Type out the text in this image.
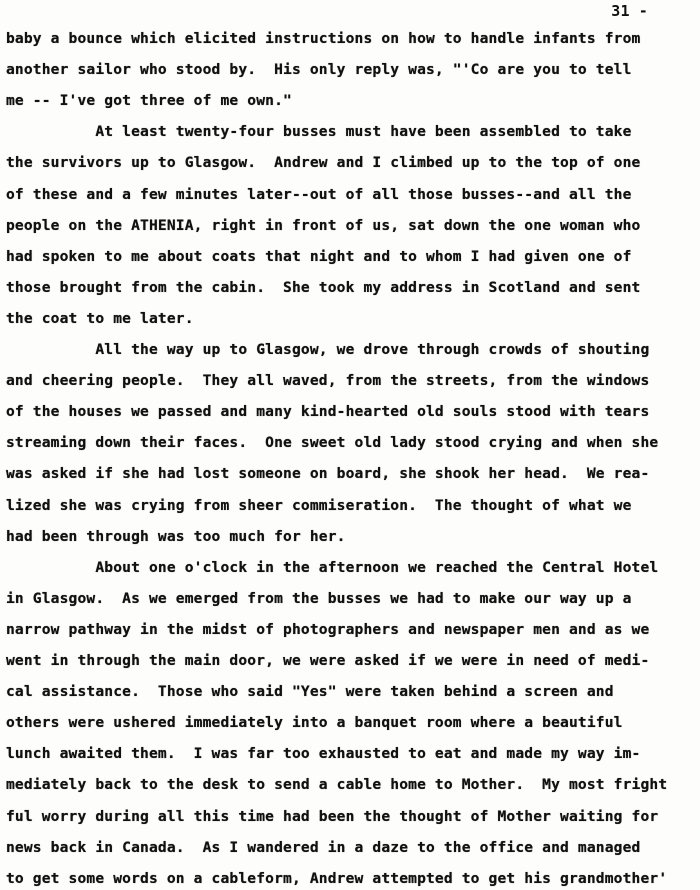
31 -
baby a bounce which elicited instructions on how to handle infants from
another sailor who stood by.  His only reply was, "'Co are you to tell
me -- I've got three of me own."
At least twenty-four busses must have been assembled to take
the survivors up to Glasgow.  Andrew and I climbed up to the top of one
of these and a few minutes later--out of all those busses--and all the
people on the ATHENIA, right in front of us, sat down the one woman who
had spoken to me about coats that night and to whom I had given one of
those brought from the cabin.  She took my address in Scotland and sent
the coat to me later.
All the way up to Glasgow, we drove through crowds of shouting
and cheering people.  They all waved, from the streets, from the windows
of the houses we passed and many kind-hearted old souls stood with tears
streaming down their faces.  One sweet old lady stood crying and when she
was asked if she had lost someone on board, she shook her head.  We rea-
lized she was crying from sheer commiseration.  The thought of what we
had been through was too much for her.
About one o'clock in the afternoon we reached the Central Hotel
in Glasgow.  As we emerged from the busses we had to make our way up a
narrow pathway in the midst of photographers and newspaper men and as we
went in through the main door, we were asked if we were in need of medi-
cal assistance.  Those who said "Yes" were taken behind a screen and
others were ushered immediately into a banquet room where a beautiful
lunch awaited them.  I was far too exhausted to eat and made my way im-
mediately back to the desk to send a cable home to Mother.  My most fright
ful worry during all this time had been the thought of Mother waiting for
news back in Canada.  As I wandered in a daze to the office and managed
to get some words on a cableform, Andrew attempted to get his grandmother'
